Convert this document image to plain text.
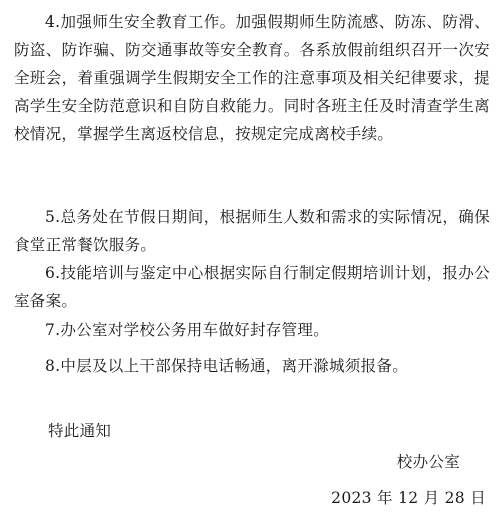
4.加强师生安全教育工作。加强假期师生防流感、防冻、防滑、防盗、防诈骗、防交通事故等安全教育。各系放假前组织召开一次安全班会，着重强调学生假期安全工作的注意事项及相关纪律要求，提高学生安全防范意识和自防自救能力。同时各班主任及时清查学生离校情况，掌握学生离返校信息，按规定完成离校手续。

5.总务处在节假日期间，根据师生人数和需求的实际情况，确保食堂正常餐饮服务。

6.技能培训与鉴定中心根据实际自行制定假期培训计划，报办公室备案。

7.办公室对学校公务用车做好封存管理。

8.中层及以上干部保持电话畅通，离开滁城须报备。

特此通知
校办公室
2023 年 12 月 28 日
